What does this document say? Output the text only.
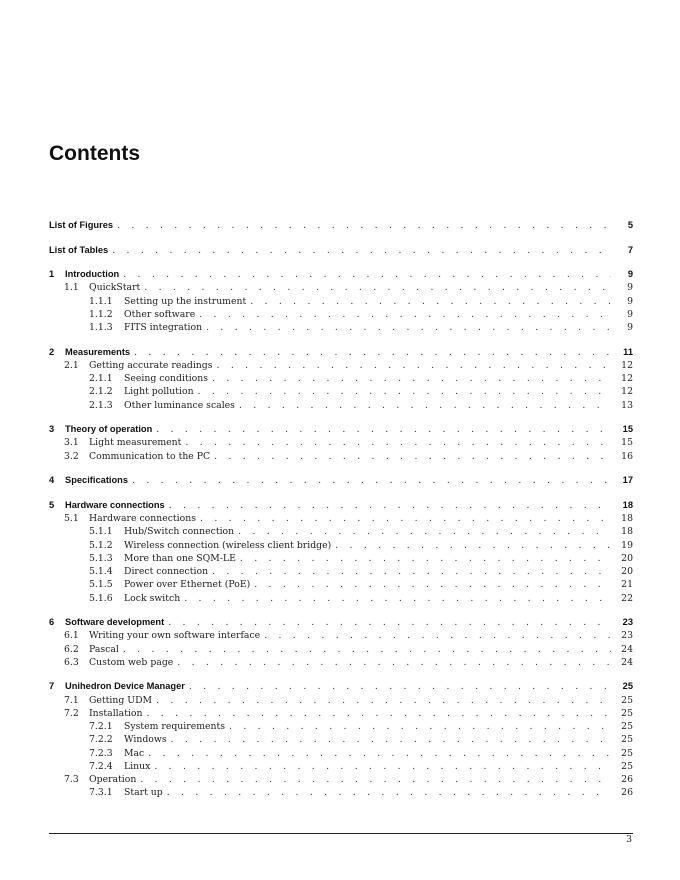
Contents
List of Figures . . .	5
List of Tables . . .	7
1	Introduction . . .	9
1.1	QuickStart . . .	9
1.1.1	Setting up the instrument . . .	9
1.1.2	Other software . . .	9
1.1.3	FITS integration . . .	9
2	Measurements . . .	11
2.1	Getting accurate readings . . .	12
2.1.1	Seeing conditions . . .	12
2.1.2	Light pollution . . .	12
2.1.3	Other luminance scales . . .	13
3	Theory of operation . . .	15
3.1	Light measurement . . .	15
3.2	Communication to the PC . . .	16
4	Specifications . . .	17
5	Hardware connections . . .	18
5.1	Hardware connections . . .	18
5.1.1	Hub/Switch connection . . .	18
5.1.2	Wireless connection (wireless client bridge) . . .	19
5.1.3	More than one SQM-LE . . .	20
5.1.4	Direct connection . . .	20
5.1.5	Power over Ethernet (PoE) . . .	21
5.1.6	Lock switch . . .	22
6	Software development . . .	23
6.1	Writing your own software interface . . .	23
6.2	Pascal . . .	24
6.3	Custom web page . . .	24
7	Unihedron Device Manager . . .	25
7.1	Getting UDM . . .	25
7.2	Installation . . .	25
7.2.1	System requirements . . .	25
7.2.2	Windows . . .	25
7.2.3	Mac . . .	25
7.2.4	Linux . . .	25
7.3	Operation . . .	26
7.3.1	Start up . . .	26
3
